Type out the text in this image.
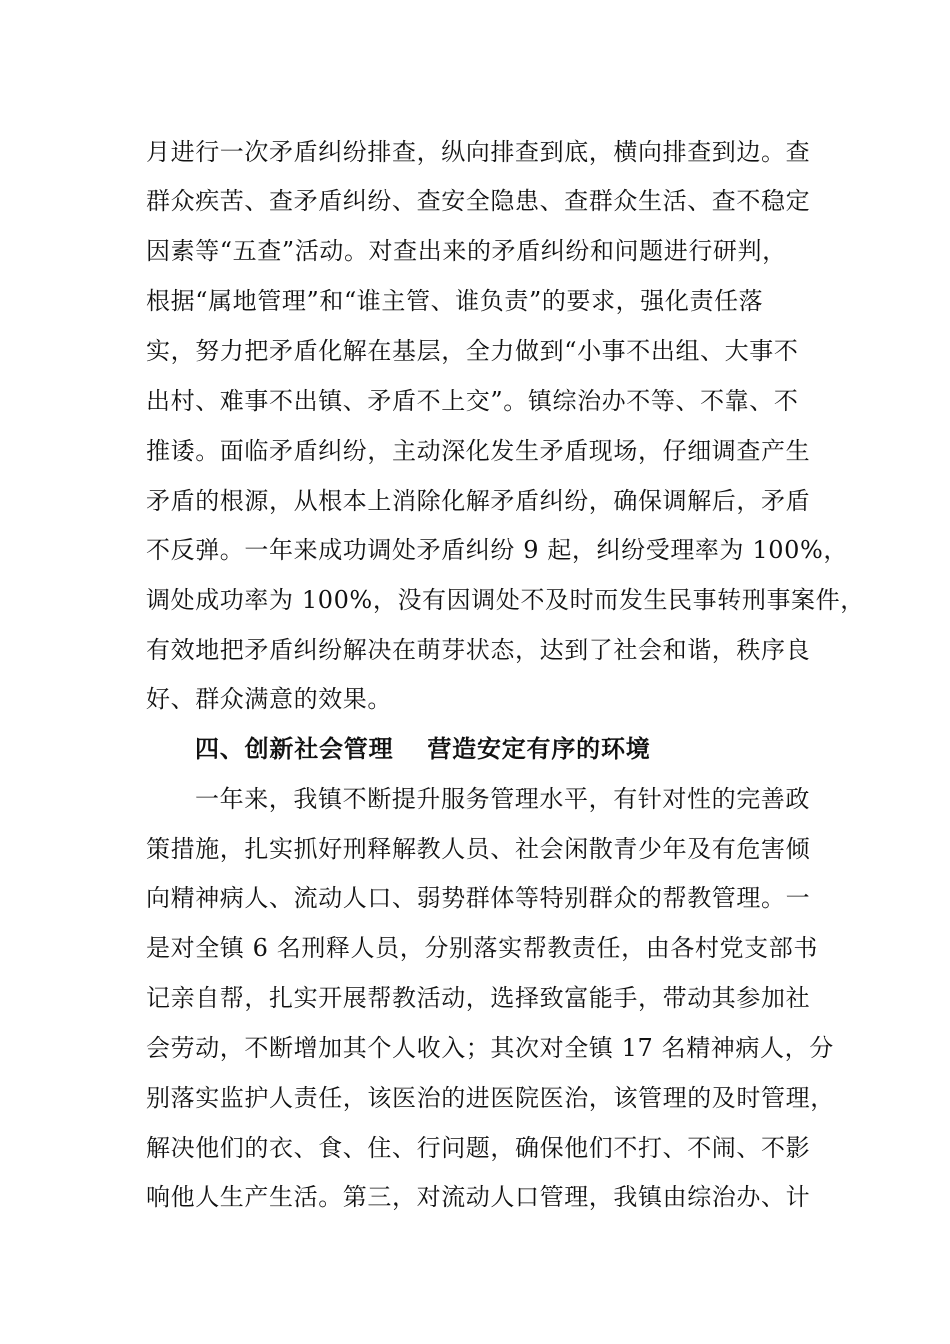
月进行一次矛盾纠纷排查，纵向排查到底，横向排查到边。查
群众疾苦、查矛盾纠纷、查安全隐患、查群众生活、查不稳定
因素等“五查”活动。对查出来的矛盾纠纷和问题进行研判，
根据“属地管理”和“谁主管、谁负责”的要求，强化责任落
实，努力把矛盾化解在基层，全力做到“小事不出组、大事不
出村、难事不出镇、矛盾不上交”。镇综治办不等、不靠、不
推诿。面临矛盾纠纷，主动深化发生矛盾现场，仔细调查产生
矛盾的根源，从根本上消除化解矛盾纠纷，确保调解后，矛盾
不反弹。一年来成功调处矛盾纠纷 9 起，纠纷受理率为 100%，
调处成功率为 100%，没有因调处不及时而发生民事转刑事案件，
有效地把矛盾纠纷解决在萌芽状态，达到了社会和谐，秩序良
好、群众满意的效果。
四、创新社会管理　 营造安定有序的环境
一年来，我镇不断提升服务管理水平，有针对性的完善政
策措施，扎实抓好刑释解教人员、社会闲散青少年及有危害倾
向精神病人、流动人口、弱势群体等特别群众的帮教管理。一
是对全镇 6 名刑释人员，分别落实帮教责任，由各村党支部书
记亲自帮，扎实开展帮教活动，选择致富能手，带动其参加社
会劳动，不断增加其个人收入；其次对全镇 17 名精神病人，分
别落实监护人责任，该医治的进医院医治，该管理的及时管理，
解决他们的衣、食、住、行问题，确保他们不打、不闹、不影
响他人生产生活。第三，对流动人口管理，我镇由综治办、计
